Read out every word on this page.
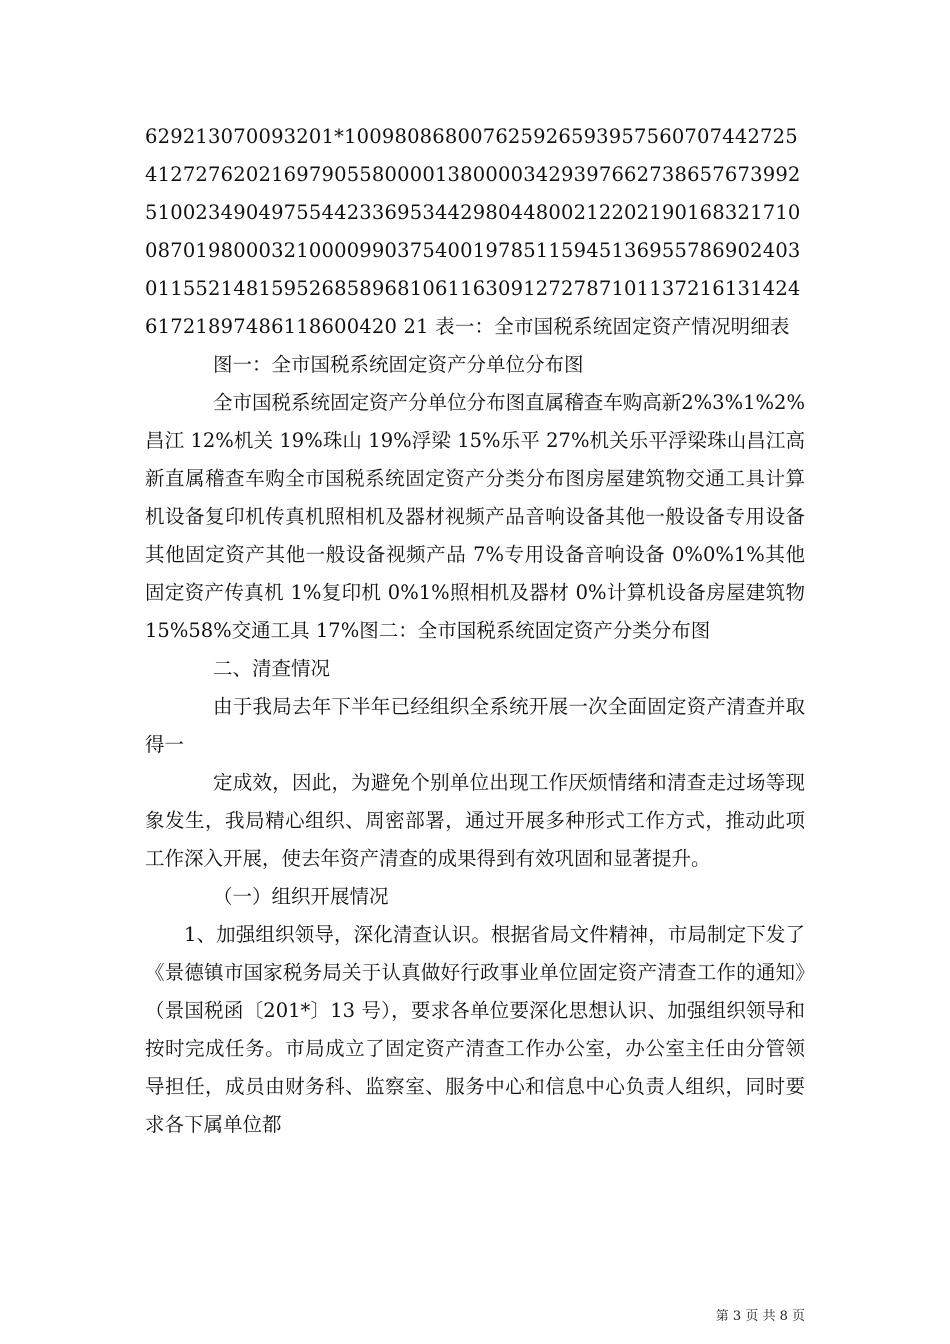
629213070093201*100980868007625926593957560707442725412727620216979055800001380000342939766273865767399251002349049755442336953442980448002122021901683217100870198000321000099037540019785115945136955786902403011552148159526858968106116309127278710113721613142461721897486118600420 21 表一：全市国税系统固定资产情况明细表

图一：全市国税系统固定资产分单位分布图

全市国税系统固定资产分单位分布图直属稽查车购高新2%3%1%2%昌江 12%机关 19%珠山 19%浮梁 15%乐平 27%机关乐平浮梁珠山昌江高新直属稽查车购全市国税系统固定资产分类分布图房屋建筑物交通工具计算机设备复印机传真机照相机及器材视频产品音响设备其他一般设备专用设备其他固定资产其他一般设备视频产品 7%专用设备音响设备 0%0%1%其他固定资产传真机 1%复印机 0%1%照相机及器材 0%计算机设备房屋建筑物 15%58%交通工具 17%图二：全市国税系统固定资产分类分布图

二、清查情况

由于我局去年下半年已经组织全系统开展一次全面固定资产清查并取得一

定成效，因此，为避免个别单位出现工作厌烦情绪和清查走过场等现象发生，我局精心组织、周密部署，通过开展多种形式工作方式，推动此项工作深入开展，使去年资产清查的成果得到有效巩固和显著提升。

（一）组织开展情况

1、加强组织领导，深化清查认识。根据省局文件精神，市局制定下发了《景德镇市国家税务局关于认真做好行政事业单位固定资产清查工作的通知》（景国税函〔201*〕13 号），要求各单位要深化思想认识、加强组织领导和按时完成任务。市局成立了固定资产清查工作办公室，办公室主任由分管领导担任，成员由财务科、监察室、服务中心和信息中心负责人组织，同时要求各下属单位都

第 3 页 共 8 页
